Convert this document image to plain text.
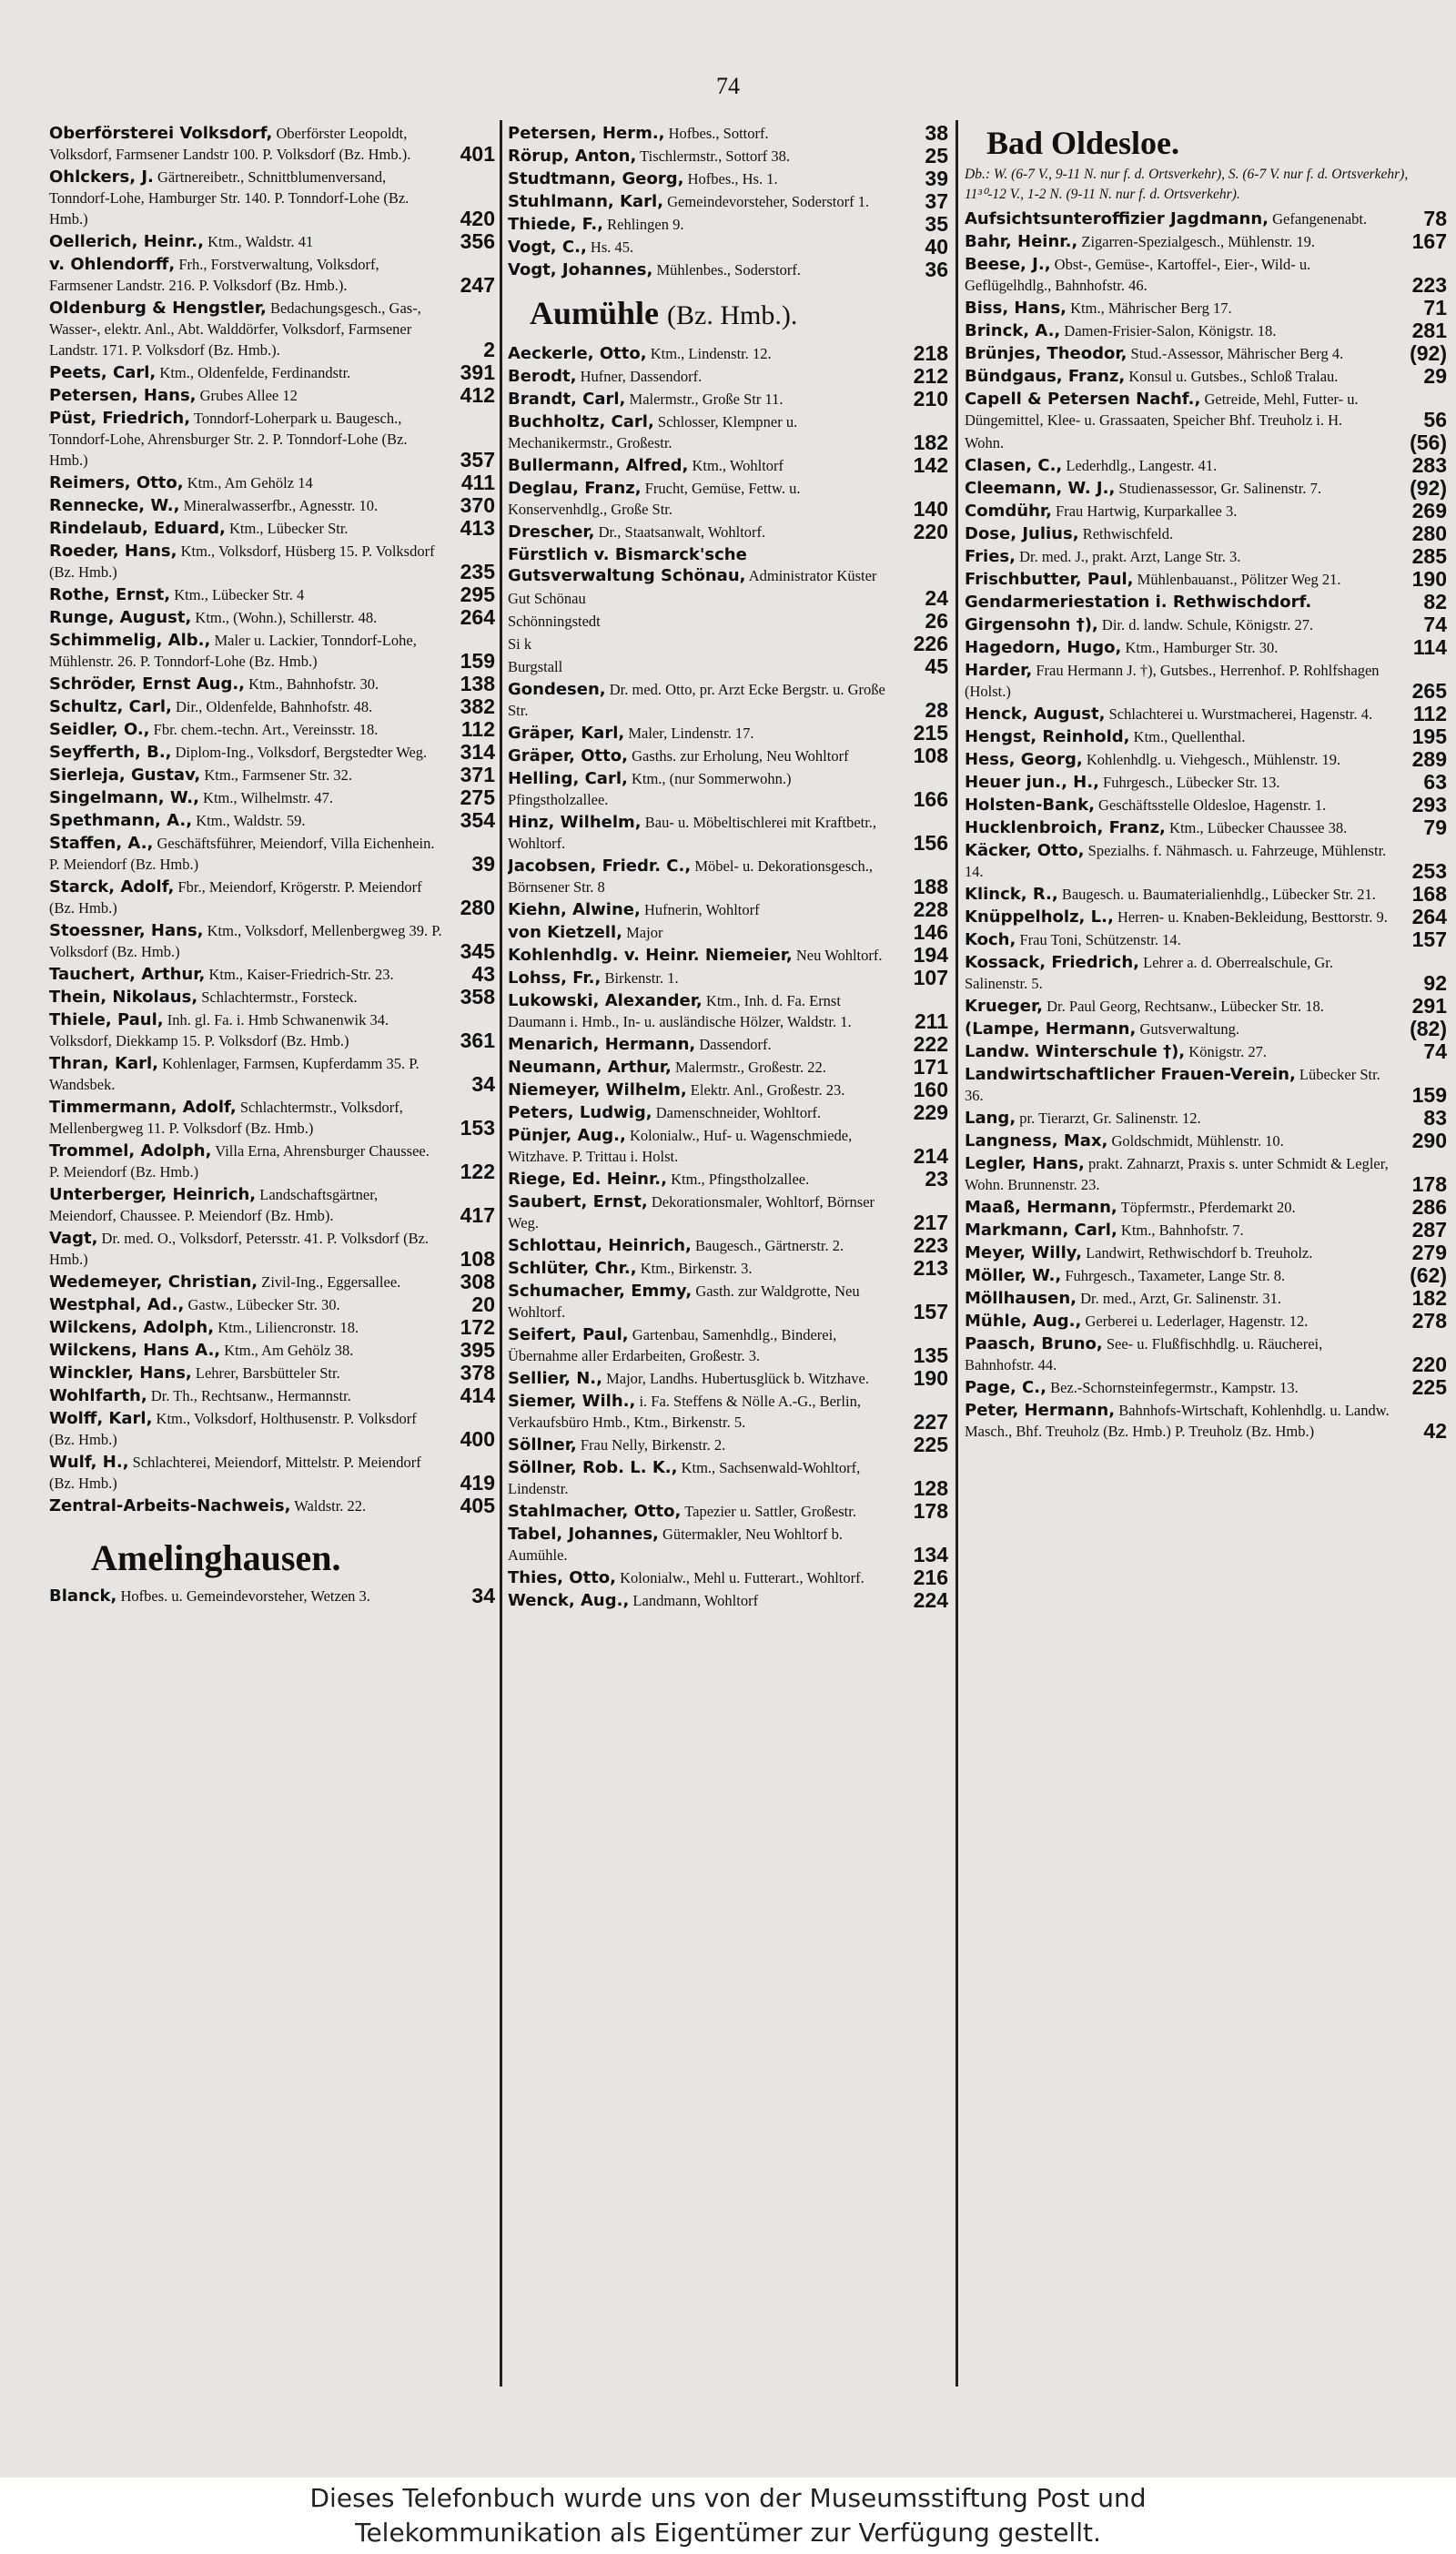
74
Oberförsterei Volksdorf, Oberförster Leopoldt, Volksdorf, Farmsener Landstr 100. P. Volksdorf (Bz. Hmb.). 401
Ohlckers, J. Gärtnereibetr., Schnittblumenversand, Tonndorf-Lohe, Hamburger Str. 140. P. Tonndorf-Lohe (Bz. Hmb.)	420
Oellerich, Heinr., Ktm., Waldstr. 41	356
v. Ohlendorff, Frh., Forstverwaltung, Volksdorf, Farmsener Landstr. 216. P. Volksdorf (Bz. Hmb.).	247
Oldenburg & Hengstler, Bedachungsgesch., Gas-, Wasser-, elektr. Anl., Abt. Walddörfer, Volksdorf, Farmsener Landstr. 171. P. Volksdorf (Bz. Hmb.).	2
Peets, Carl, Ktm., Oldenfelde, Ferdinandstr.	391
Petersen, Hans, Grubes Allee 12	412
Püst, Friedrich, Tonndorf-Loherpark u. Baugesch., Tonndorf-Lohe, Ahrensburger Str. 2. P. Tonndorf-Lohe (Bz. Hmb.)	357
Reimers, Otto, Ktm., Am Gehölz 14	411
Rennecke, W., Mineralwasserfbr., Agnesstr. 10.	370
Rindelaub, Eduard, Ktm., Lübecker Str.	413
Roeder, Hans, Ktm., Volksdorf, Hüsberg 15. P. Volksdorf (Bz. Hmb.)	235
Rothe, Ernst, Ktm., Lübecker Str. 4	295
Runge, August, Ktm., (Wohn.), Schillerstr. 48.	264
Schimmelig, Alb., Maler u. Lackier, Tonndorf-Lohe, Mühlenstr. 26. P. Tonndorf-Lohe (Bz. Hmb.)	159
Schröder, Ernst Aug., Ktm., Bahnhofstr. 30.	138
Schultz, Carl, Dir., Oldenfelde, Bahnhofstr. 48.	382
Seidler, O., Fbr. chem.-techn. Art., Vereinsstr. 18.	112
Seyfferth, B., Diplom-Ing., Volksdorf, Bergstedter Weg. 314
Sierleja, Gustav, Ktm., Farmsener Str. 32.	371
Singelmann, W., Ktm., Wilhelmstr. 47.	275
Spethmann, A., Ktm., Waldstr. 59.	354
Staffen, A., Geschäftsführer, Meiendorf, Villa Eichenhein. P. Meiendorf (Bz. Hmb.)	39
Starck, Adolf, Fbr., Meiendorf, Krögerstr. P. Meiendorf (Bz. Hmb.)	280
Stoessner, Hans, Ktm., Volksdorf, Mellenbergweg 39. P. Volksdorf (Bz. Hmb.)	345
Tauchert, Arthur, Ktm., Kaiser-Friedrich-Str. 23.	43
Thein, Nikolaus, Schlachtermstr., Forsteck.	358
Thiele, Paul, Inh. gl. Fa. i. Hmb Schwanenwik 34. Volksdorf, Diekkamp 15. P. Volksdorf (Bz. Hmb.)	361
Thran, Karl, Kohlenlager, Farmsen, Kupferdamm 35. P. Wandsbek.	34
Timmermann, Adolf, Schlachtermstr., Volksdorf, Mellenbergweg 11. P. Volksdorf (Bz. Hmb.)	153
Trommel, Adolph, Villa Erna, Ahrensburger Chaussee. P. Meiendorf (Bz. Hmb.)	122
Unterberger, Heinrich, Landschaftsgärtner, Meiendorf, Chaussee. P. Meiendorf (Bz. Hmb).	417
Vagt, Dr. med. O., Volksdorf, Petersstr. 41. P. Volksdorf (Bz. Hmb.)	108
Wedemeyer, Christian, Zivil-Ing., Eggersallee.	308
Westphal, Ad., Gastw., Lübecker Str. 30.	20
Wilckens, Adolph, Ktm., Liliencronstr. 18.	172
Wilckens, Hans A., Ktm., Am Gehölz 38.	395
Winckler, Hans, Lehrer, Barsbütteler Str.	378
Wohlfarth, Dr. Th., Rechtsanw., Hermannstr.	414
Wolff, Karl, Ktm., Volksdorf, Holthusenstr. P. Volksdorf (Bz. Hmb.)	400
Wulf, H., Schlachterei, Meiendorf, Mittelstr. P. Meiendorf (Bz. Hmb.)	419
Zentral-Arbeits-Nachweis, Waldstr. 22.	405
Amelinghausen.
Blanck, Hofbes. u. Gemeindevorsteher, Wetzen 3.	34
Petersen, Herm., Hofbes., Sottorf.	38
Rörup, Anton, Tischlermstr., Sottorf 38.	25
Studtmann, Georg, Hofbes., Hs. 1.	39
Stuhlmann, Karl, Gemeindevorsteher, Soderstorf 1.	37
Thiede, F., Rehlingen 9.	35
Vogt, C., Hs. 45.	40
Vogt, Johannes, Mühlenbes., Soderstorf.	36
Aumühle (Bz. Hmb.).
Aeckerle, Otto, Ktm., Lindenstr. 12.	218
Berodt, Hufner, Dassendorf.	212
Brandt, Carl, Malermstr., Große Str 11.	210
Buchholtz, Carl, Schlosser, Klempner u. Mechanikermstr., Großestr.	182
Bullermann, Alfred, Ktm., Wohltorf	142
Deglau, Franz, Frucht, Gemüse, Fettw. u. Konservenhdlg., Große Str.	140
Drescher, Dr., Staatsanwalt, Wohltorf.	220
Fürstlich v. Bismarck'sche Gutsverwaltung Schönau, Administrator Küster
Gut Schönau	24
Schönningstedt	26
Si k	226
Burgstall	45
Gondesen, Dr. med. Otto, pr. Arzt Ecke Bergstr. u. Große Str.	28
Gräper, Karl, Maler, Lindenstr. 17.	215
Gräper, Otto, Gasths. zur Erholung, Neu Wohltorf	108
Helling, Carl, Ktm., (nur Sommerwohn.) Pfingstholzallee.	166
Hinz, Wilhelm, Bau- u. Möbeltischlerei mit Kraftbetr., Wohltorf.	156
Jacobsen, Friedr. C., Möbel- u. Dekorationsgesch., Börnsener Str. 8	188
Kiehn, Alwine, Hufnerin, Wohltorf	228
von Kietzell, Major	146
Kohlenhdlg. v. Heinr. Niemeier, Neu Wohltorf. 194
Lohss, Fr., Birkenstr. 1.	107
Lukowski, Alexander, Ktm., Inh. d. Fa. Ernst Daumann i. Hmb., In- u. ausländische Hölzer, Waldstr. 1.	211
Menarich, Hermann, Dassendorf.	222
Neumann, Arthur, Malermstr., Großestr. 22.	171
Niemeyer, Wilhelm, Elektr. Anl., Großestr. 23.	160
Peters, Ludwig, Damenschneider, Wohltorf.	229
Pünjer, Aug., Kolonialw., Huf- u. Wagenschmiede, Witzhave. P. Trittau i. Holst.	214
Riege, Ed. Heinr., Ktm., Pfingstholzallee.	23
Saubert, Ernst, Dekorationsmaler, Wohltorf, Börnser Weg.	217
Schlottau, Heinrich, Baugesch., Gärtnerstr. 2.	223
Schlüter, Chr., Ktm., Birkenstr. 3.	213
Schumacher, Emmy, Gasth. zur Waldgrotte, Neu Wohltorf.	157
Seifert, Paul, Gartenbau, Samenhdlg., Binderei, Übernahme aller Erdarbeiten, Großestr. 3.	135
Sellier, N., Major, Landhs. Hubertusglück b. Witzhave. 190
Siemer, Wilh., i. Fa. Steffens & Nölle A.-G., Berlin, Verkaufsbüro Hmb., Ktm., Birkenstr. 5.	227
Söllner, Frau Nelly, Birkenstr. 2.	225
Söllner, Rob. L. K., Ktm., Sachsenwald-Wohltorf, Lindenstr.	128
Stahlmacher, Otto, Tapezier u. Sattler, Großestr.	178
Tabel, Johannes, Gütermakler, Neu Wohltorf b. Aumühle.	134
Thies, Otto, Kolonialw., Mehl u. Futterart., Wohltorf. 216
Wenck, Aug., Landmann, Wohltorf	224
Bad Oldesloe.
Db.: W. (6-7 V., 9-11 N. nur f. d. Ortsverkehr), S. (6-7 V. nur f. d. Ortsverkehr), 11³⁰-12 V., 1-2 N. (9-11 N. nur f. d. Ortsverkehr).
Aufsichtsunteroffizier Jagdmann, Gefangenenabt.	78
Bahr, Heinr., Zigarren-Spezialgesch., Mühlenstr. 19.	167
Beese, J., Obst-, Gemüse-, Kartoffel-, Eier-, Wild- u. Geflügelhdlg., Bahnhofstr. 46.	223
Biss, Hans, Ktm., Mährischer Berg 17.	71
Brinck, A., Damen-Frisier-Salon, Königstr. 18.	281
Brünjes, Theodor, Stud.-Assessor, Mährischer Berg 4.	(92)
Bündgaus, Franz, Konsul u. Gutsbes., Schloß Tralau.	29
Capell & Petersen Nachf., Getreide, Mehl, Futter- u. Düngemittel, Klee- u. Grassaaten, Speicher Bhf. Treuholz i. H.	56
Wohn.	(56)
Clasen, C., Lederhdlg., Langestr. 41.	283
Cleemann, W. J., Studienassessor, Gr. Salinenstr. 7.	(92)
Comdühr, Frau Hartwig, Kurparkallee 3.	269
Dose, Julius, Rethwischfeld.	280
Fries, Dr. med. J., prakt. Arzt, Lange Str. 3.	285
Frischbutter, Paul, Mühlenbauanst., Pölitzer Weg 21.	190
Gendarmeriestation i. Rethwischdorf.	82
Girgensohn †), Dir. d. landw. Schule, Königstr. 27.	74
Hagedorn, Hugo, Ktm., Hamburger Str. 30.	114
Harder, Frau Hermann J. †), Gutsbes., Herrenhof. P. Rohlfshagen (Holst.)	265
Henck, August, Schlachterei u. Wurstmacherei, Hagenstr. 4. 112
Hengst, Reinhold, Ktm., Quellenthal.	195
Hess, Georg, Kohlenhdlg. u. Viehgesch., Mühlenstr. 19.	289
Heuer jun., H., Fuhrgesch., Lübecker Str. 13.	63
Holsten-Bank, Geschäftsstelle Oldesloe, Hagenstr. 1.	293
Hucklenbroich, Franz, Ktm., Lübecker Chaussee 38.	79
Käcker, Otto, Spezialhs. f. Nähmasch. u. Fahrzeuge, Mühlenstr. 14.	253
Klinck, R., Baugesch. u. Baumaterialienhdlg., Lübecker Str. 21. 168
Knüppelholz, L., Herren- u. Knaben-Bekleidung, Besttorstr. 9. 264
Koch, Frau Toni, Schützenstr. 14.	157
Kossack, Friedrich, Lehrer a. d. Oberrealschule, Gr. Salinenstr. 5.	92
Krueger, Dr. Paul Georg, Rechtsanw., Lübecker Str. 18.	291
(Lampe, Hermann, Gutsverwaltung.	(82)
Landw. Winterschule †), Königstr. 27.	74
Landwirtschaftlicher Frauen-Verein, Lübecker Str. 36.	159
Lang, pr. Tierarzt, Gr. Salinenstr. 12.	83
Langness, Max, Goldschmidt, Mühlenstr. 10.	290
Legler, Hans, prakt. Zahnarzt, Praxis s. unter Schmidt & Legler, Wohn. Brunnenstr. 23.	178
Maaß, Hermann, Töpfermstr., Pferdemarkt 20.	286
Markmann, Carl, Ktm., Bahnhofstr. 7.	287
Meyer, Willy, Landwirt, Rethwischdorf b. Treuholz.	279
Möller, W., Fuhrgesch., Taxameter, Lange Str. 8.	(62)
Möllhausen, Dr. med., Arzt, Gr. Salinenstr. 31.	182
Mühle, Aug., Gerberei u. Lederlager, Hagenstr. 12.	278
Paasch, Bruno, See- u. Flußfischhdlg. u. Räucherei, Bahnhofstr. 44.	220
Page, C., Bez.-Schornsteinfegermstr., Kampstr. 13.	225
Peter, Hermann, Bahnhofs-Wirtschaft, Kohlenhdlg. u. Landw. Masch., Bhf. Treuholz (Bz. Hmb.) P. Treuholz (Bz. Hmb.)	42
Dieses Telefonbuch wurde uns von der Museumsstiftung Post und
Telekommunikation als Eigentümer zur Verfügung gestellt.
